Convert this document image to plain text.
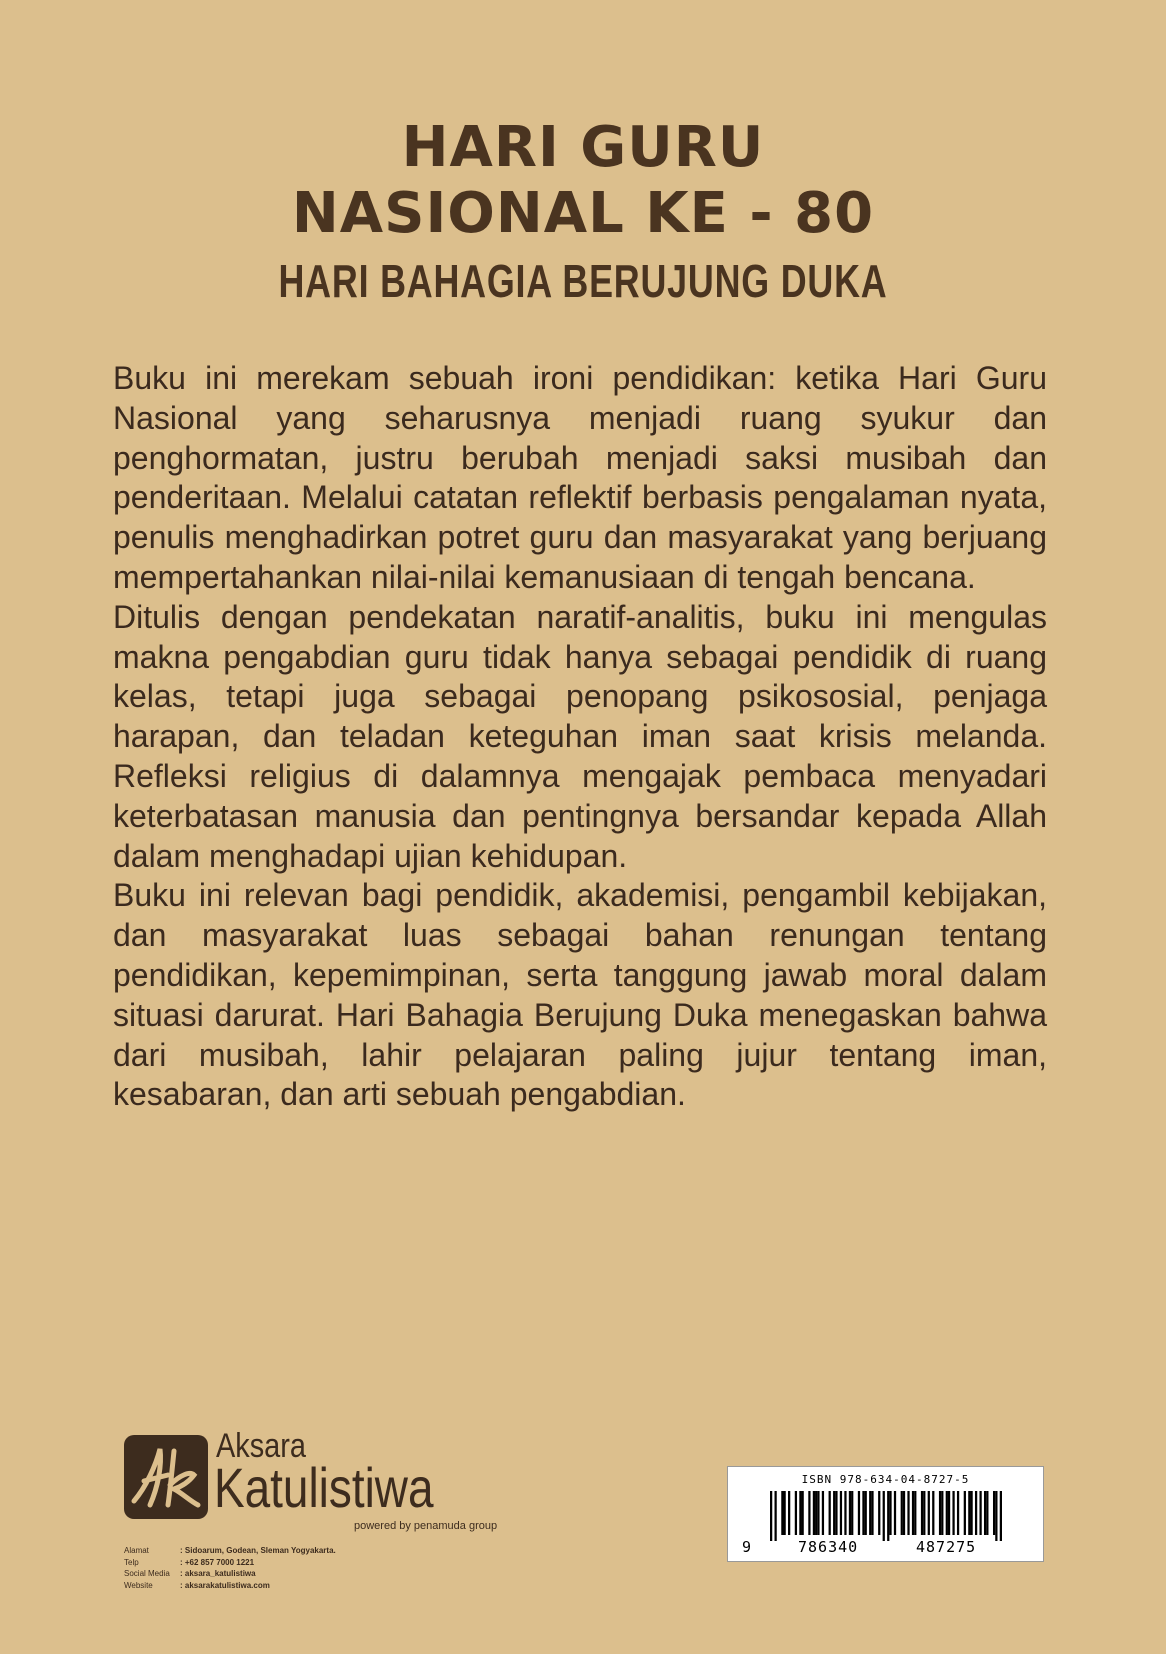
HARI GURU
NASIONAL KE - 80
HARI BAHAGIA BERUJUNG DUKA

Buku ini merekam sebuah ironi pendidikan: ketika Hari Guru Nasional yang seharusnya menjadi ruang syukur dan penghormatan, justru berubah menjadi saksi musibah dan penderitaan. Melalui catatan reflektif berbasis pengalaman nyata, penulis menghadirkan potret guru dan masyarakat yang berjuang mempertahankan nilai-nilai kemanusiaan di tengah bencana.

Ditulis dengan pendekatan naratif-analitis, buku ini mengulas makna pengabdian guru tidak hanya sebagai pendidik di ruang kelas, tetapi juga sebagai penopang psikososial, penjaga harapan, dan teladan keteguhan iman saat krisis melanda. Refleksi religius di dalamnya mengajak pembaca menyadari keterbatasan manusia dan pentingnya bersandar kepada Allah dalam menghadapi ujian kehidupan.

Buku ini relevan bagi pendidik, akademisi, pengambil kebijakan, dan masyarakat luas sebagai bahan renungan tentang pendidikan, kepemimpinan, serta tanggung jawab moral dalam situasi darurat. Hari Bahagia Berujung Duka menegaskan bahwa dari musibah, lahir pelajaran paling jujur tentang iman, kesabaran, dan arti sebuah pengabdian.

Aksara
Katulistiwa
powered by penamuda group
Alamat	: Sidoarum, Godean, Sleman Yogyakarta.
Telp	: +62 857 7000 1221
Social Media : aksara_katulistiwa
Website	: aksarakatulistiwa.com
ISBN 978-634-04-8727-5
9	786340	487275
